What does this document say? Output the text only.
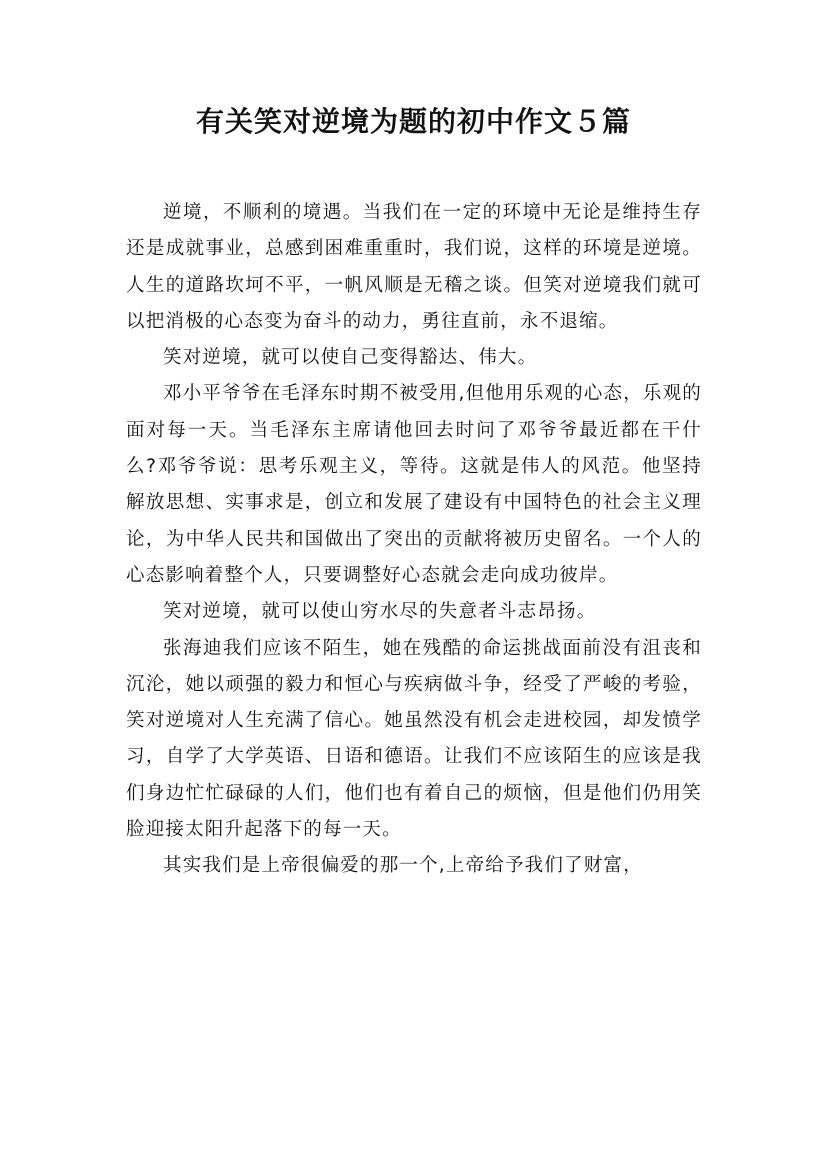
有关笑对逆境为题的初中作文５篇

逆境，不顺利的境遇。当我们在一定的环境中无论是维持生存还是成就事业，总感到困难重重时，我们说，这样的环境是逆境。人生的道路坎坷不平，一帆风顺是无稽之谈。但笑对逆境我们就可以把消极的心态变为奋斗的动力，勇往直前，永不退缩。

笑对逆境，就可以使自己变得豁达、伟大。

邓小平爷爷在毛泽东时期不被受用,但他用乐观的心态，乐观的面对每一天。当毛泽东主席请他回去时问了邓爷爷最近都在干什么?邓爷爷说：思考乐观主义，等待。这就是伟人的风范。他坚持解放思想、实事求是，创立和发展了建设有中国特色的社会主义理论，为中华人民共和国做出了突出的贡献将被历史留名。一个人的心态影响着整个人，只要调整好心态就会走向成功彼岸。

笑对逆境，就可以使山穷水尽的失意者斗志昂扬。

张海迪我们应该不陌生，她在残酷的命运挑战面前没有沮丧和沉沦，她以顽强的毅力和恒心与疾病做斗争，经受了严峻的考验，笑对逆境对人生充满了信心。她虽然没有机会走进校园，却发愤学习，自学了大学英语、日语和德语。让我们不应该陌生的应该是我们身边忙忙碌碌的人们，他们也有着自己的烦恼，但是他们仍用笑脸迎接太阳升起落下的每一天。

其实我们是上帝很偏爱的那一个,上帝给予我们了财富，
